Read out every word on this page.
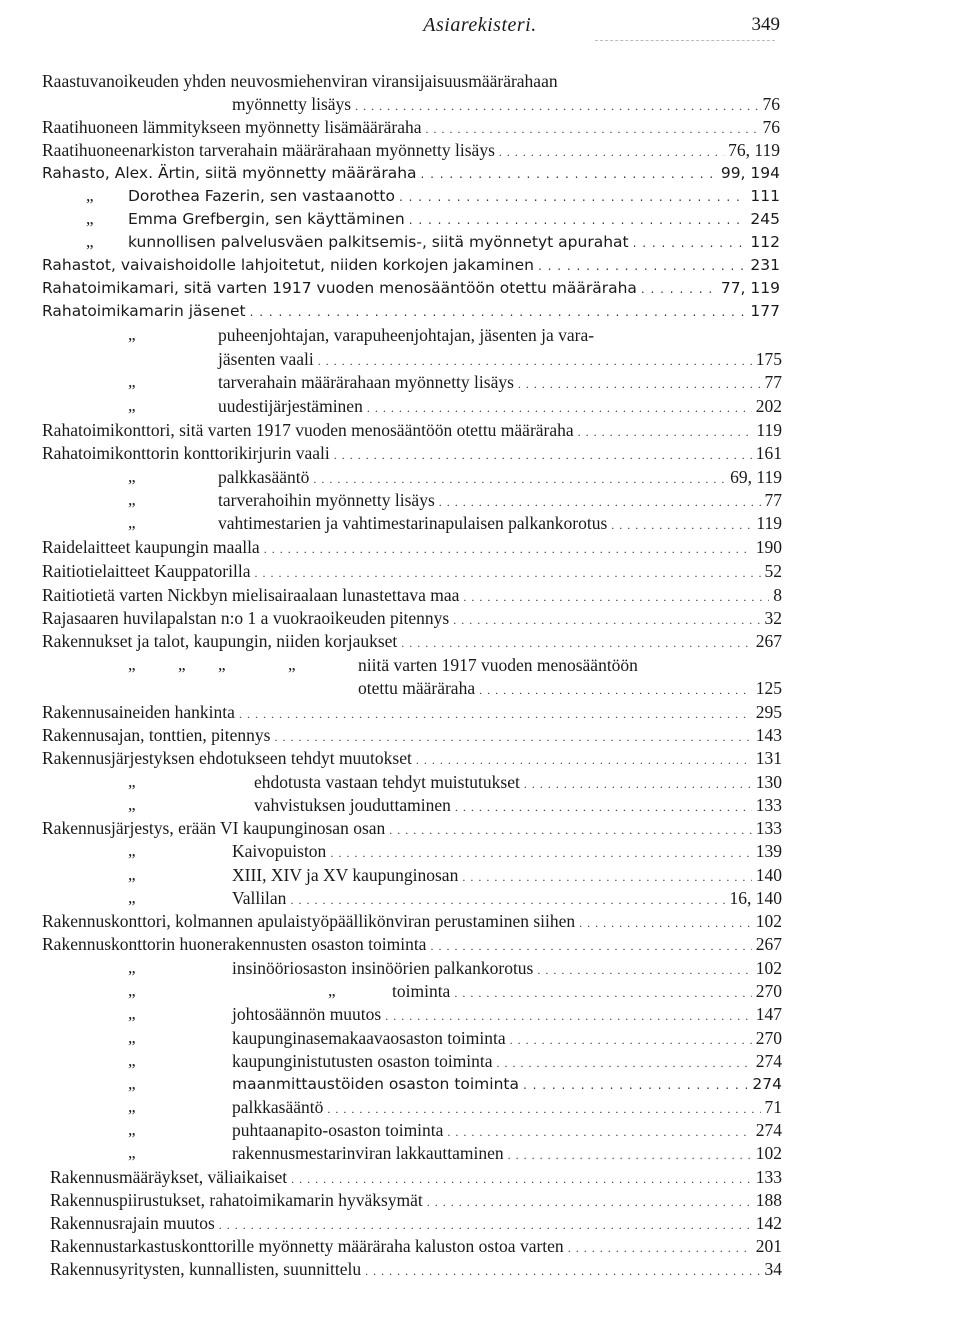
Asiarekisteri.	349
Raastuvanoikeuden yhden neuvosmiehenviran viransijaisuusmäärärahaan
myönnetty lisäys . . .	76
Raatihuoneen lämmitykseen myönnetty lisämäärärahа . . .	76
Raatihuoneenarkiston tarverahain määrärahaan myönnetty lisäys . . .	76, 119
Rahasto, Alex. Ärtin, siitä myönnetty määräraha . . .	99, 194
„ Dorothea Fazerin, sen vastaanotto . . .	111
„ Emma Grefbergin, sen käyttäminen . . .	245
„ kunnollisen palvelusväen palkitsemis-, siitä myönnetyt apurahat . . .	112
Rahastot, vaivaishoidolle lahjoitetut, niiden korkojen jakaminen . . .	231
Rahatoimikamari, sitä varten 1917 vuoden menosääntöön otettu määräraha . . .	77, 119
Rahatoimikamarin jäsenet . . .	177
„	puheenjohtajan, varapuheenjohtajan, jäsenten ja vara-
jäsenten vaali . . .	175
„	tarverahain määrärahaan myönnetty lisäys . . .	77
„	uudestijärjestäminen . . .	202
Rahatoimikonttori, sitä varten 1917 vuoden menosääntöön otettu määräraha . . .	119
Rahatoimikonttorin konttorikirjurin vaali . . .	161
„	palkkasääntö . . .	69, 119
„	tarverahoihin myönnetty lisäys . . .	77
„	vahtimestarien ja vahtimestarinapulaisen palkankorotus . . .	119
Raidelaitteet kaupungin maalla . . .	190
Raitiotielaitteet Kauppatorilla . . .	52
Raitiotietä varten Nickbyn mielisairaalaan lunastettava maa . . .	8
Rajasaaren huvilapalstan n:o 1 a vuokraoikeuden pitennys . . .	32
Rakennukset ja talot, kaupungin, niiden korjaukset . . .	267
„ „ „	„	niitä varten 1917 vuoden menosääntöön
otettu määräraha . . .	125
Rakennusaineiden hankinta . . .	295
Rakennusajan, tonttien, pitennys . . .	143
Rakennusjärjestyksen ehdotukseen tehdyt muutokset . . .	131
„	ehdotusta vastaan tehdyt muistutukset . . .	130
„	vahvistuksen jouduttaminen . . .	133
Rakennusjärjestys, erään VI kaupunginosan osan . . .	133
„	Kaivopuiston . . .	139
„	XIII, XIV ja XV kaupunginosan . . .	140
„	Vallilan . . .	16, 140
Rakennuskonttori, kolmannen apulaistyöpäällikönviran perustaminen siihen . . .	102
Rakennuskonttorin huonerakennusten osaston toiminta . . .	267
„	insinööriosaston insinöörien palkankorotus . . .	102
„	„	toiminta . . .	270
„	johtosäännön muutos . . .	147
„	kaupunginasemakaavaosaston toiminta . . .	270
„	kaupunginistutusten osaston toiminta . . .	274
„	maanmittaustöiden osaston toiminta . . .	274
„	palkkasääntö . . .	71
„	puhtaanapito-osaston toiminta . . .	274
„	rakennusmestarinviran lakkauttaminen . . .	102
Rakennusmääräykset, väliaikaiset . . .	133
Rakennuspiirustukset, rahatoimikamarin hyväksymät . . .	188
Rakennusrajain muutos . . .	142
Rakennustarkastuskonttorille myönnetty määräraha kaluston ostoa varten . . .	201
Rakennusyritysten, kunnallisten, suunnittelu . . .	34
